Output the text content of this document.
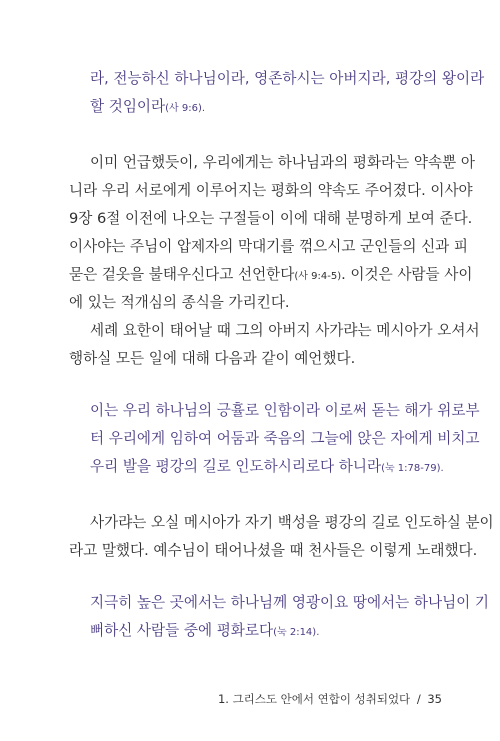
라, 전능하신 하나님이라, 영존하시는 아버지라, 평강의 왕이라
할 것임이라(사 9:6).
이미 언급했듯이, 우리에게는 하나님과의 평화라는 약속뿐 아
니라 우리 서로에게 이루어지는 평화의 약속도 주어졌다. 이사야
9장 6절 이전에 나오는 구절들이 이에 대해 분명하게 보여 준다.
이사야는 주님이 압제자의 막대기를 꺾으시고 군인들의 신과 피
묻은 겉옷을 불태우신다고 선언한다(사 9:4-5). 이것은 사람들 사이
에 있는 적개심의 종식을 가리킨다.
세례 요한이 태어날 때 그의 아버지 사가랴는 메시아가 오셔서
행하실 모든 일에 대해 다음과 같이 예언했다.
이는 우리 하나님의 긍휼로 인함이라 이로써 돋는 해가 위로부
터 우리에게 임하여 어둠과 죽음의 그늘에 앉은 자에게 비치고
우리 발을 평강의 길로 인도하시리로다 하니라(눅 1:78-79).
사가랴는 오실 메시아가 자기 백성을 평강의 길로 인도하실 분이
라고 말했다. 예수님이 태어나셨을 때 천사들은 이렇게 노래했다.
지극히 높은 곳에서는 하나님께 영광이요 땅에서는 하나님이 기
뻐하신 사람들 중에 평화로다(눅 2:14).
1. 그리스도 안에서 연합이 성취되었다 / 35
